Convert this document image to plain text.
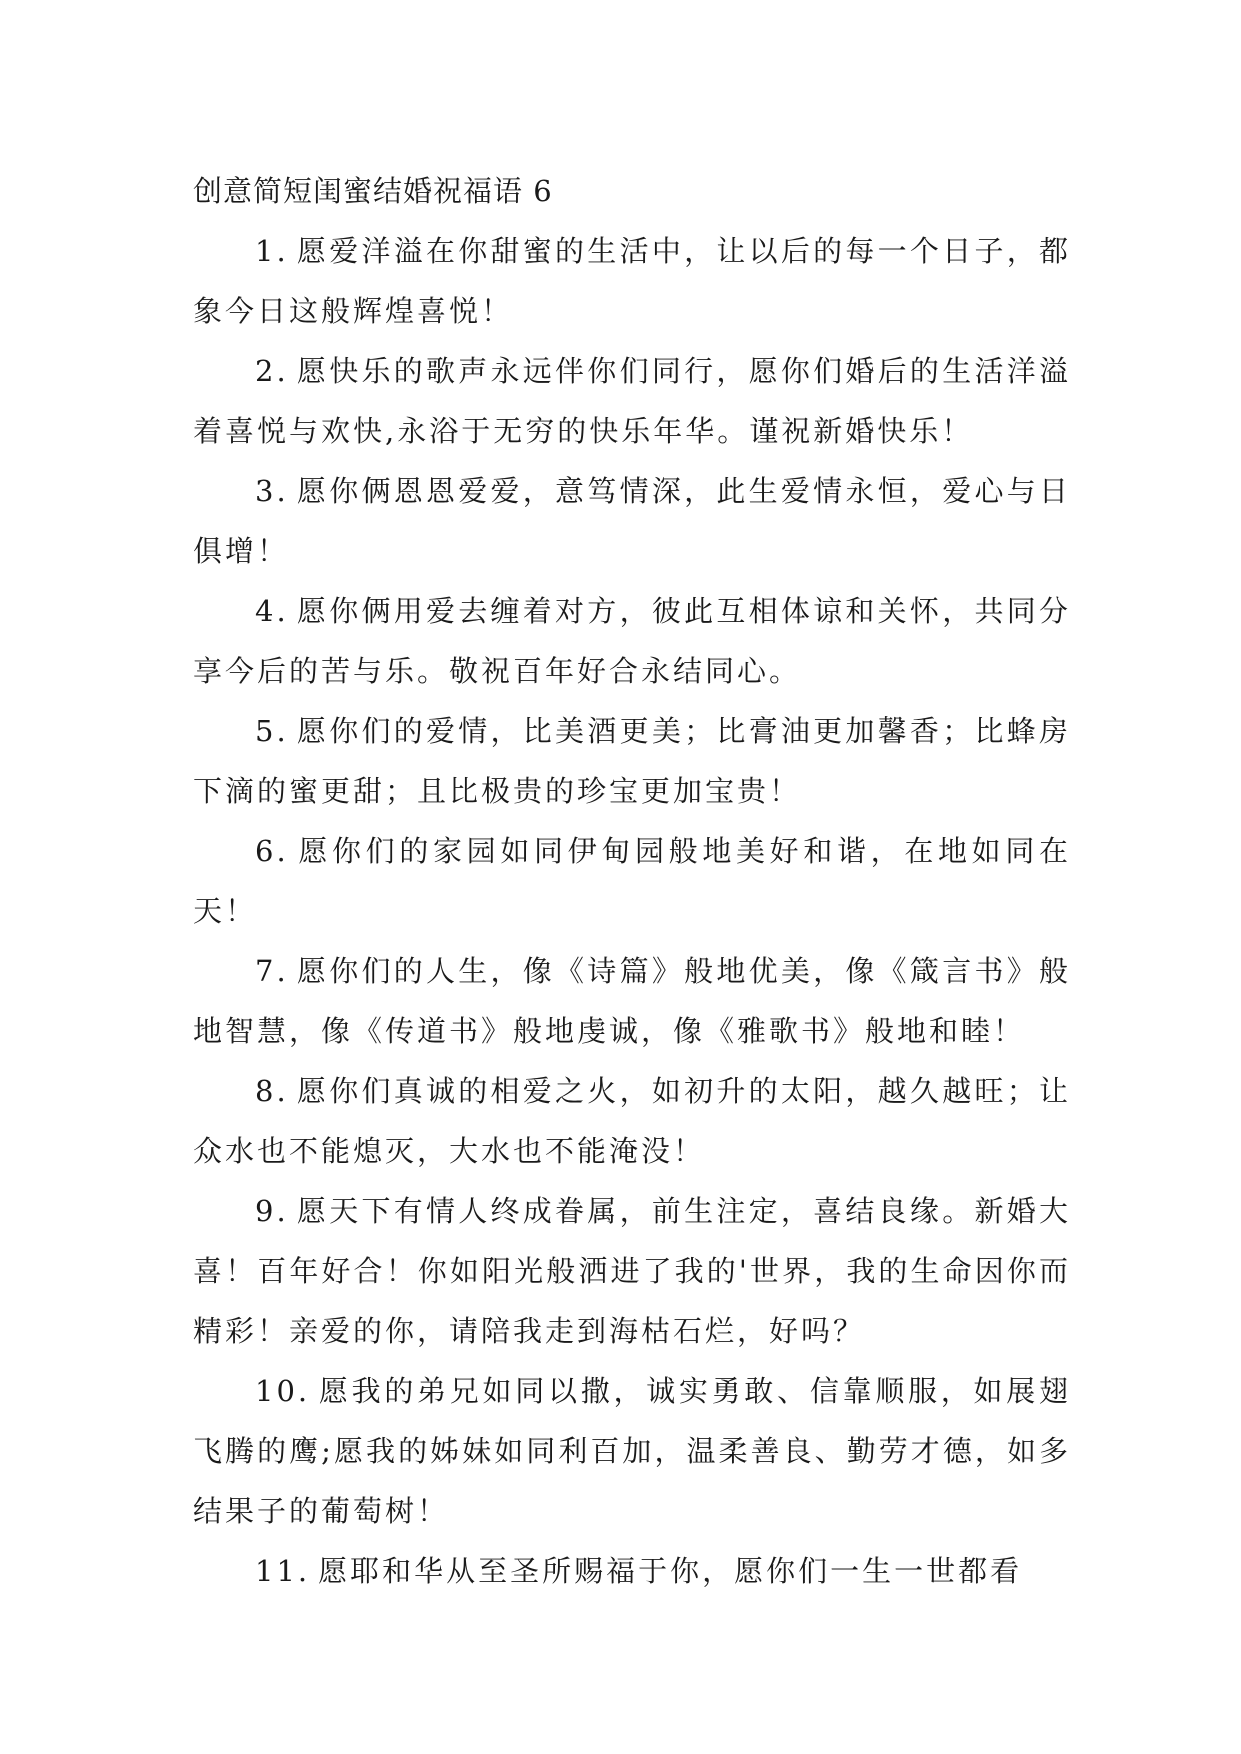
创意简短闺蜜结婚祝福语 6

1. 愿爱洋溢在你甜蜜的生活中，让以后的每一个日子，都象今日这般辉煌喜悦！

2. 愿快乐的歌声永远伴你们同行，愿你们婚后的生活洋溢着喜悦与欢快,永浴于无穷的快乐年华。谨祝新婚快乐！

3. 愿你俩恩恩爱爱，意笃情深，此生爱情永恒，爱心与日俱增！

4. 愿你俩用爱去缠着对方，彼此互相体谅和关怀，共同分享今后的苦与乐。敬祝百年好合永结同心。

5. 愿你们的爱情，比美酒更美；比膏油更加馨香；比蜂房下滴的蜜更甜；且比极贵的珍宝更加宝贵！

6. 愿你们的家园如同伊甸园般地美好和谐，在地如同在天！

7. 愿你们的人生，像《诗篇》般地优美，像《箴言书》般地智慧，像《传道书》般地虔诚，像《雅歌书》般地和睦！

8. 愿你们真诚的相爱之火，如初升的太阳，越久越旺；让众水也不能熄灭，大水也不能淹没！

9. 愿天下有情人终成眷属，前生注定，喜结良缘。新婚大喜！百年好合！你如阳光般洒进了我的'世界，我的生命因你而精彩！亲爱的你，请陪我走到海枯石烂，好吗？

10. 愿我的弟兄如同以撒，诚实勇敢、信靠顺服，如展翅飞腾的鹰;愿我的姊妹如同利百加，温柔善良、勤劳才德，如多结果子的葡萄树！

11. 愿耶和华从至圣所赐福于你，愿你们一生一世都看
